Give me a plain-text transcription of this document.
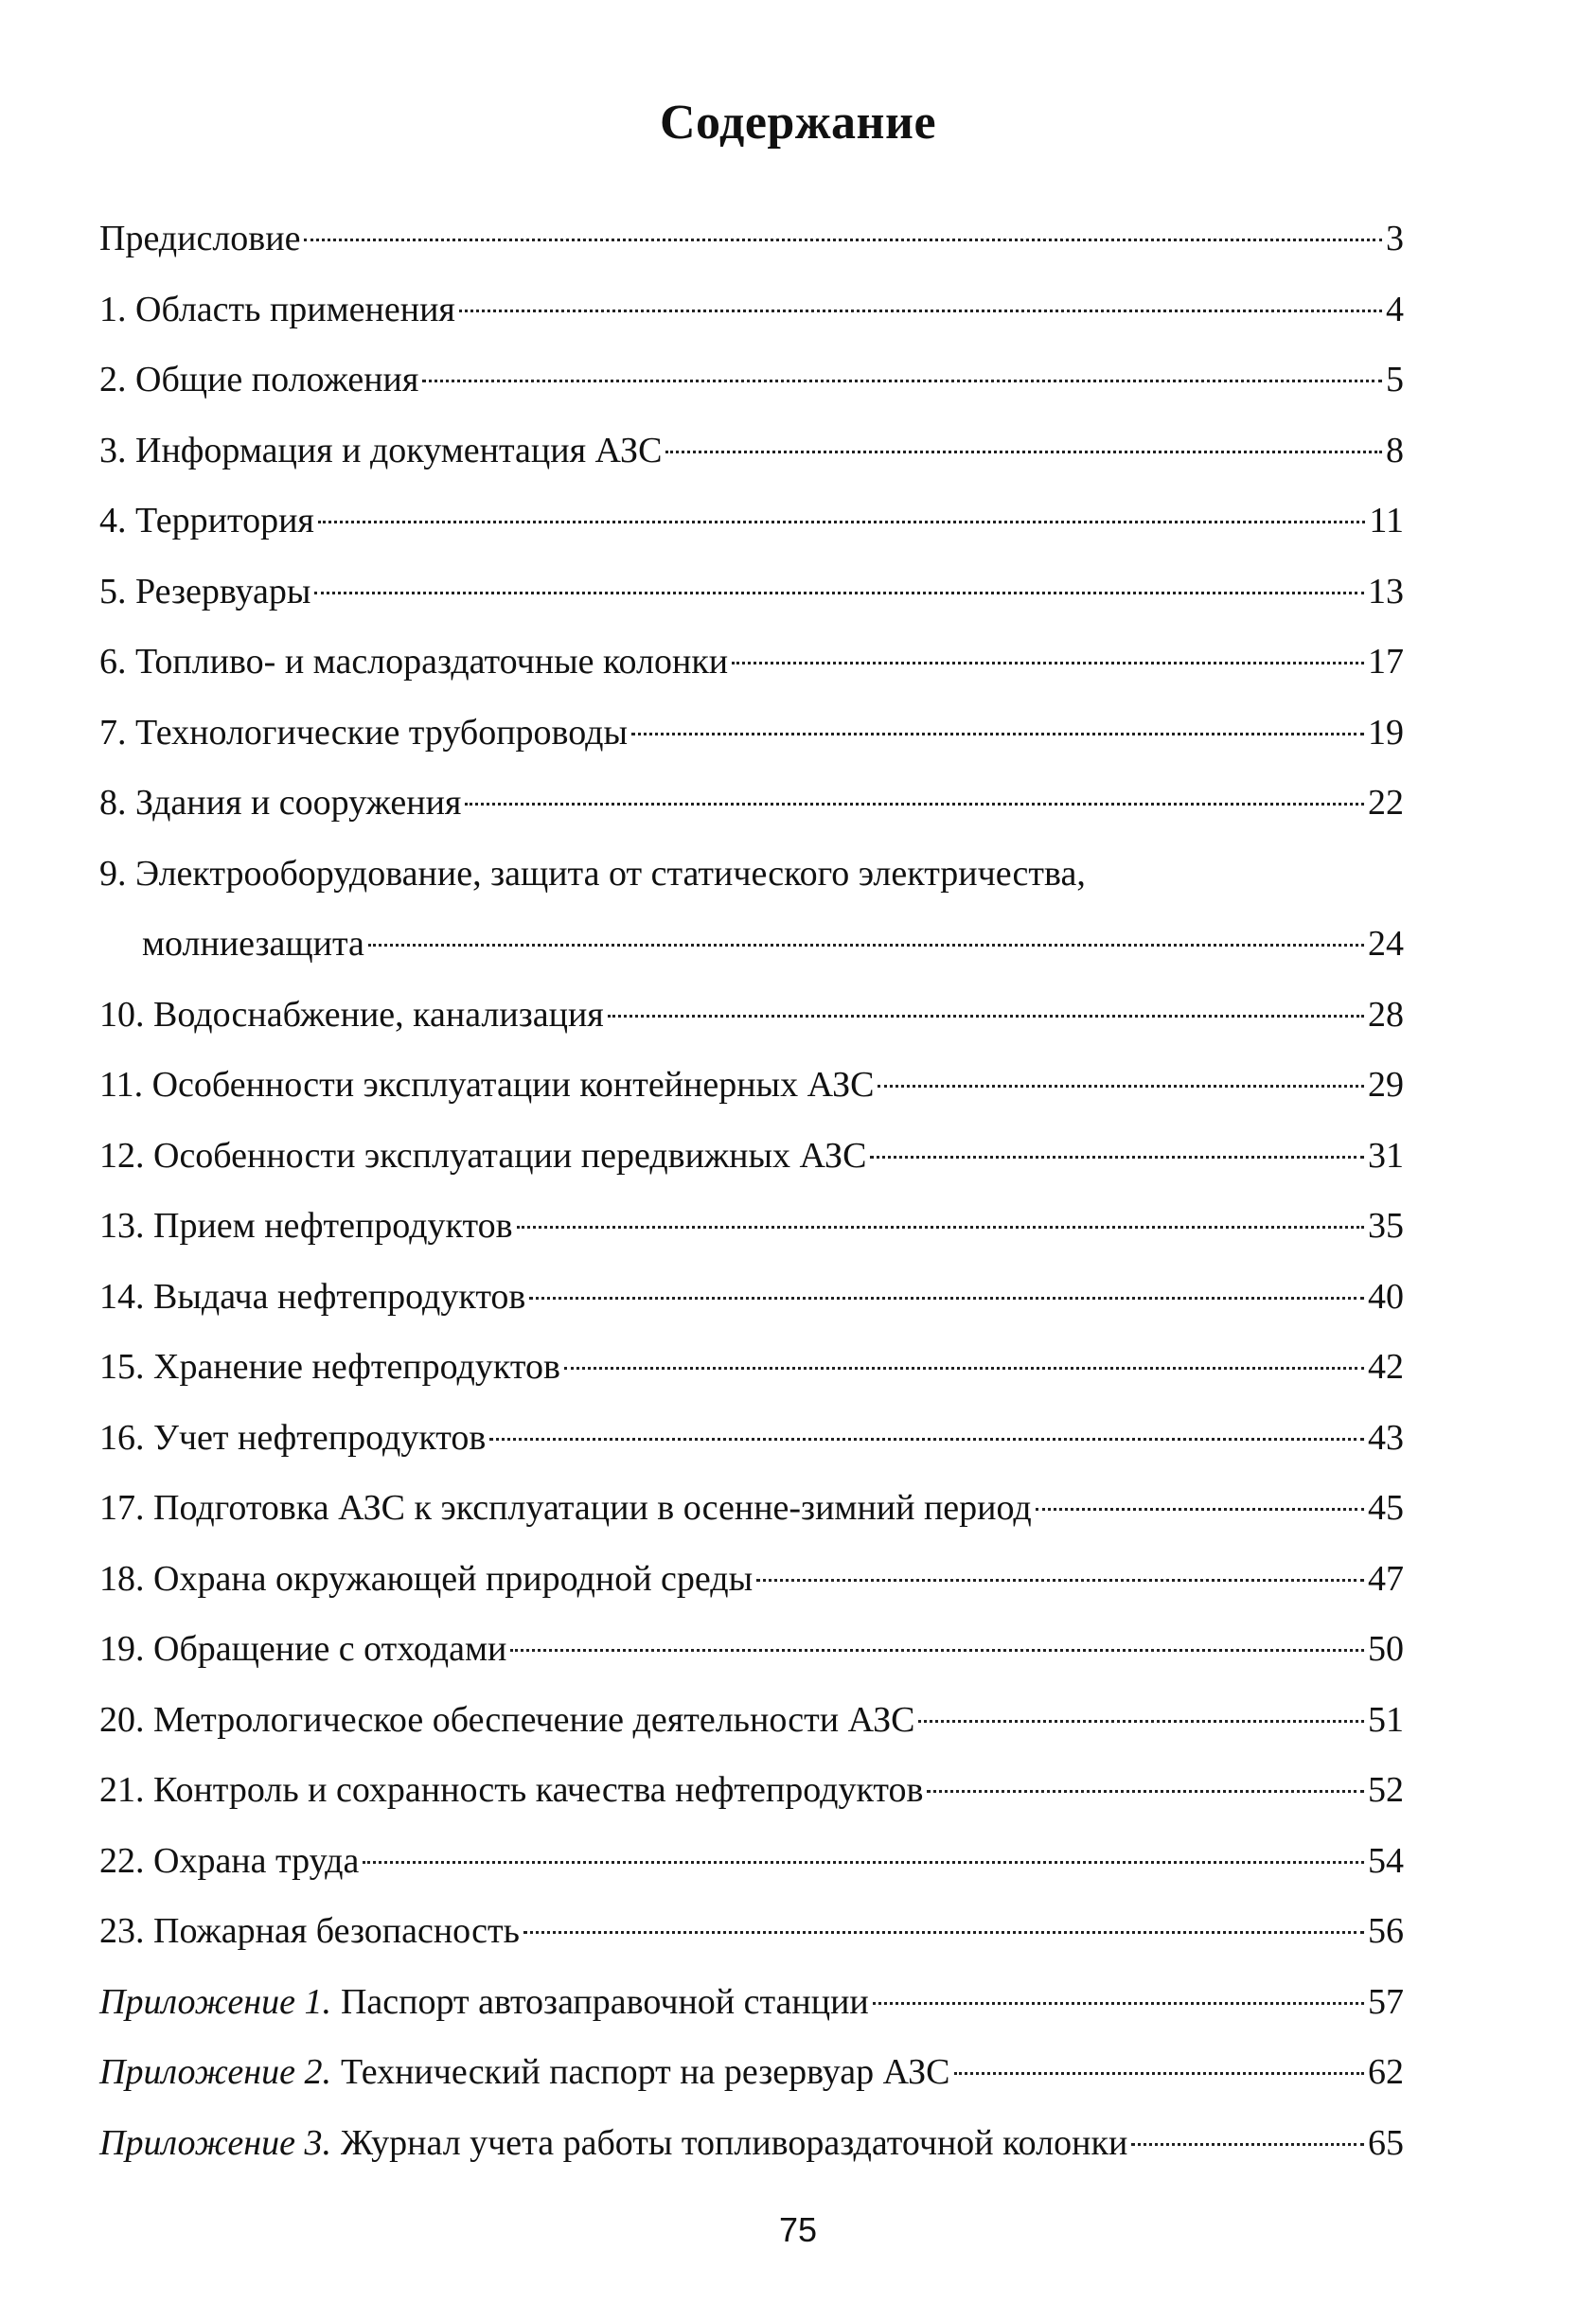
Содержание
Предисловие	3
1. Область применения	4
2. Общие положения	5
3. Информация и документация АЗС	8
4. Территория	11
5. Резервуары	13
6. Топливо- и маслораздаточные колонки	17
7. Технологические трубопроводы	19
8. Здания и сооружения	22
9. Электрооборудование, защита от статического электричества,
молниезащита	24
10. Водоснабжение, канализация	28
11. Особенности эксплуатации контейнерных АЗС	29
12. Особенности эксплуатации передвижных АЗС	31
13. Прием нефтепродуктов	35
14. Выдача нефтепродуктов	40
15. Хранение нефтепродуктов	42
16. Учет нефтепродуктов	43
17. Подготовка АЗС к эксплуатации в осенне-зимний период	45
18. Охрана окружающей природной среды	47
19. Обращение с отходами	50
20. Метрологическое обеспечение деятельности АЗС	51
21. Контроль и сохранность качества нефтепродуктов	52
22. Охрана труда	54
23. Пожарная безопасность	56
Приложение 1. Паспорт автозаправочной станции	57
Приложение 2. Технический паспорт на резервуар АЗС	62
Приложение 3. Журнал учета работы топливораздаточной колонки	65
75
